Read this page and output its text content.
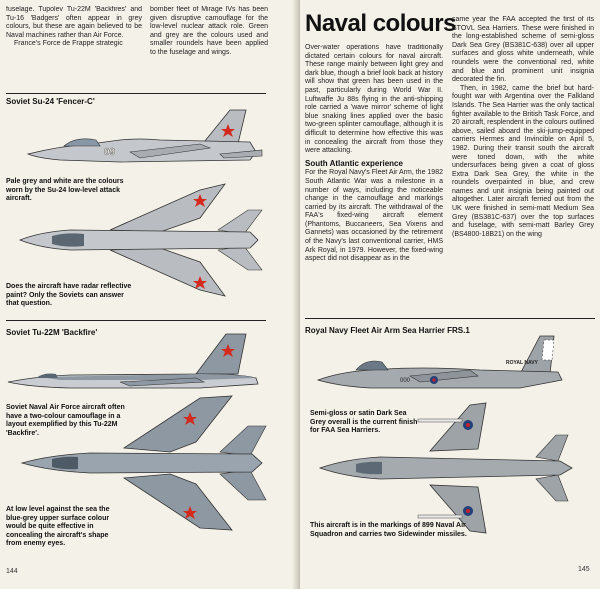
fuselage. Tupolev Tu-22M 'Backfires' and Tu-16 'Badgers' often appear in grey colours, but these are again believed to be Naval machines rather than Air Force.

France's Force de Frappe strategic

bomber fleet of Mirage IVs has been given disruptive camouflage for the low-level nuclear attack role. Green and grey are the colours used and smaller roundels have been applied to the fuselage and wings.

Soviet Su-24 'Fencer-C'
09
Pale grey and white are the colours worn by the Su-24 low-level attack aircraft.
Does the aircraft have radar reflective paint? Only the Soviets can answer that question.
Soviet Tu-22M 'Backfire'
Soviet Naval Air Force aircraft often have a two-colour camouflage in a layout exemplified by this Tu-22M 'Backfire'.
At low level against the sea the blue-grey upper surface colour would be quite effective in concealing the aircraft's shape from enemy eyes.
144
Naval colours

Over-water operations have traditionally dictated certain colours for naval aircraft. These range mainly between light grey and dark blue, though a brief look back at history will show that green has been used in the past, particularly during World War II. Luftwaffe Ju 88s flying in the anti-shipping role carried a 'wave mirror' scheme of light blue snaking lines applied over the basic two-green splinter camouflage, although it is difficult to determine how effective this was in concealing the aircraft from those they were attacking.

South Atlantic experience

For the Royal Navy's Fleet Air Arm, the 1982 South Atlantic War was a milestone in a number of ways, including the noticeable change in the camouflage and markings carried by its aircraft. The withdrawal of the FAA's fixed-wing aircraft element (Phantoms, Buccaneers, Sea Vixens and Gannets) was occasioned by the retirement of the Navy's last conventional carrier, HMS Ark Royal, in 1979. However, the fixed-wing aspect did not disappear as in the

same year the FAA accepted the first of its STOVL Sea Harriers. These were finished in the long-established scheme of semi-gloss Dark Sea Grey (BS381C-638) over all upper surfaces and gloss white underneath, while roundels were the conventional red, white and blue and prominent unit insignia decorated the fin.

Then, in 1982, came the brief but hard-fought war with Argentina over the Falkland Islands. The Sea Harrier was the only tactical fighter available to the British Task Force, and 20 aircraft, resplendent in the colours outlined above, sailed aboard the ski-jump-equipped carriers Hermes and Invincible on April 5, 1982. During their transit south the aircraft were toned down, with the white undersurfaces being given a coat of gloss Extra Dark Sea Grey, the white in the roundels overpainted in blue, and crew names and unit insignia being painted out altogether. Later aircraft ferried out from the UK were finished in semi-matt Medium Sea Grey (BS381C-637) over the top surfaces and fuselage, with semi-matt Barley Grey (BS4800-18B21) on the wing

Royal Navy Fleet Air Arm Sea Harrier FRS.1
000
ROYAL NAVY
Semi-gloss or satin Dark Sea Grey overall is the current finish for FAA Sea Harriers.
This aircraft is in the markings of 899 Naval Air Squadron and carries two Sidewinder missiles.
145
